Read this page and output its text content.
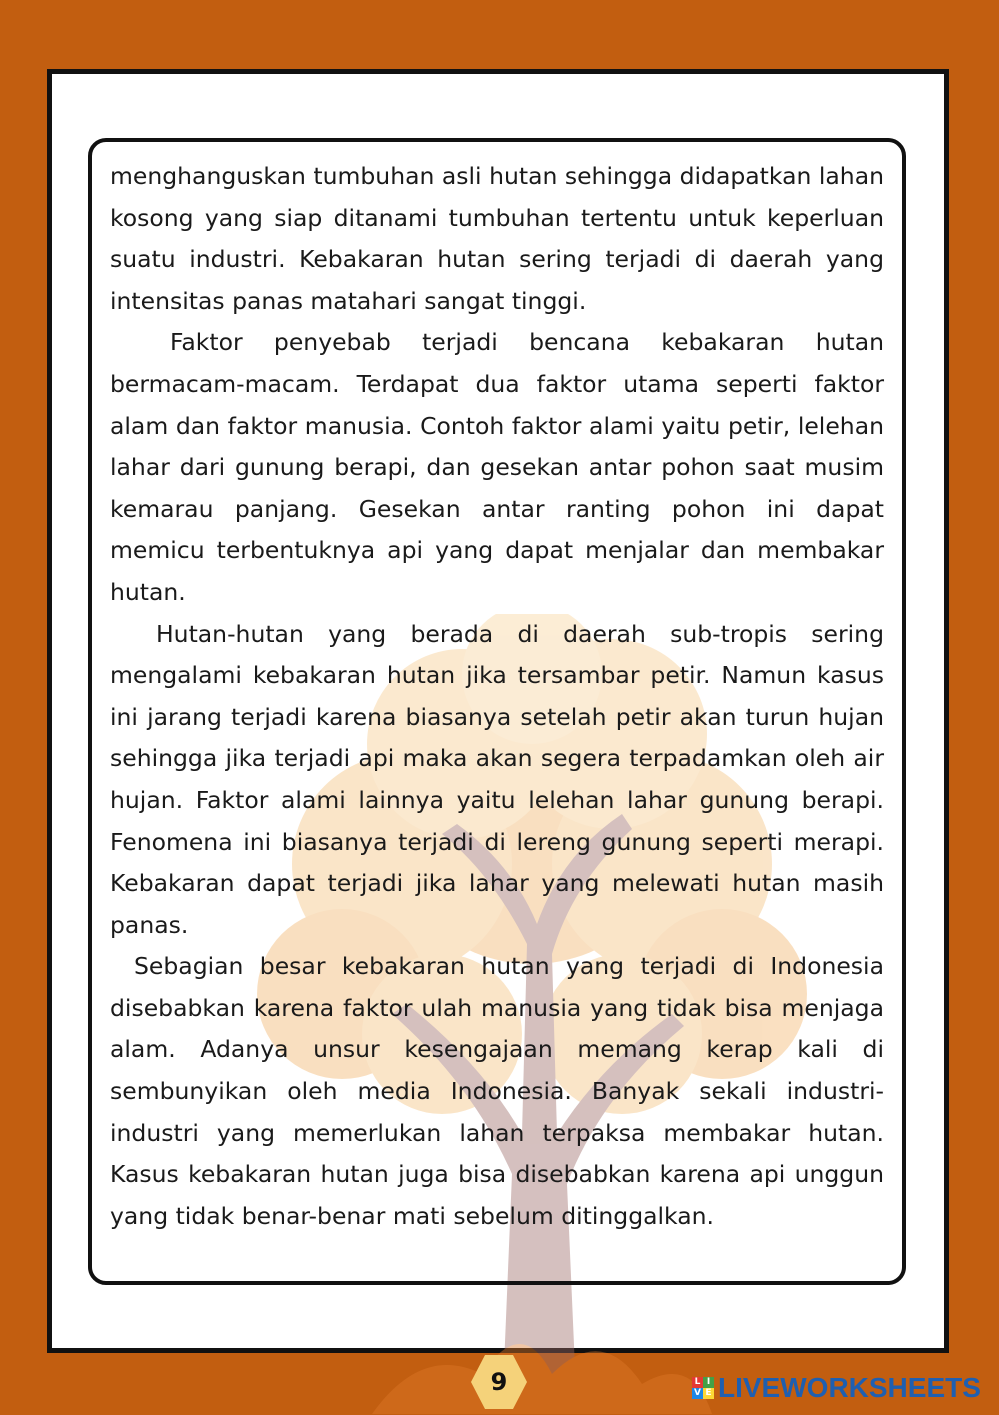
menghanguskan tumbuhan asli hutan sehingga didapatkan lahan kosong yang siap ditanami tumbuhan tertentu untuk keperluan suatu industri. Kebakaran hutan sering terjadi di daerah yang intensitas panas matahari sangat tinggi.

Faktor penyebab terjadi bencana kebakaran hutan bermacam-macam. Terdapat dua faktor utama seperti faktor alam dan faktor manusia. Contoh faktor alami yaitu petir, lelehan lahar dari gunung berapi, dan gesekan antar pohon saat musim kemarau panjang. Gesekan antar ranting pohon ini dapat memicu terbentuknya api yang dapat menjalar dan membakar hutan.

Hutan-hutan yang berada di daerah sub-tropis sering mengalami kebakaran hutan jika tersambar petir. Namun kasus ini jarang terjadi karena biasanya setelah petir akan turun hujan sehingga jika terjadi api maka akan segera terpadamkan oleh air hujan. Faktor alami lainnya yaitu lelehan lahar gunung berapi. Fenomena ini biasanya terjadi di lereng gunung seperti merapi. Kebakaran dapat terjadi jika lahar yang melewati hutan masih panas.

Sebagian besar kebakaran hutan yang terjadi di Indonesia disebabkan karena faktor ulah manusia yang tidak bisa menjaga alam. Adanya unsur kesengajaan memang kerap kali di sembunyikan oleh media Indonesia. Banyak sekali industri-industri yang memerlukan lahan terpaksa membakar hutan. Kasus kebakaran hutan juga bisa disebabkan karena api unggun yang tidak benar-benar mati sebelum ditinggalkan.

9	L I
V E LIVEWORKSHEETS
